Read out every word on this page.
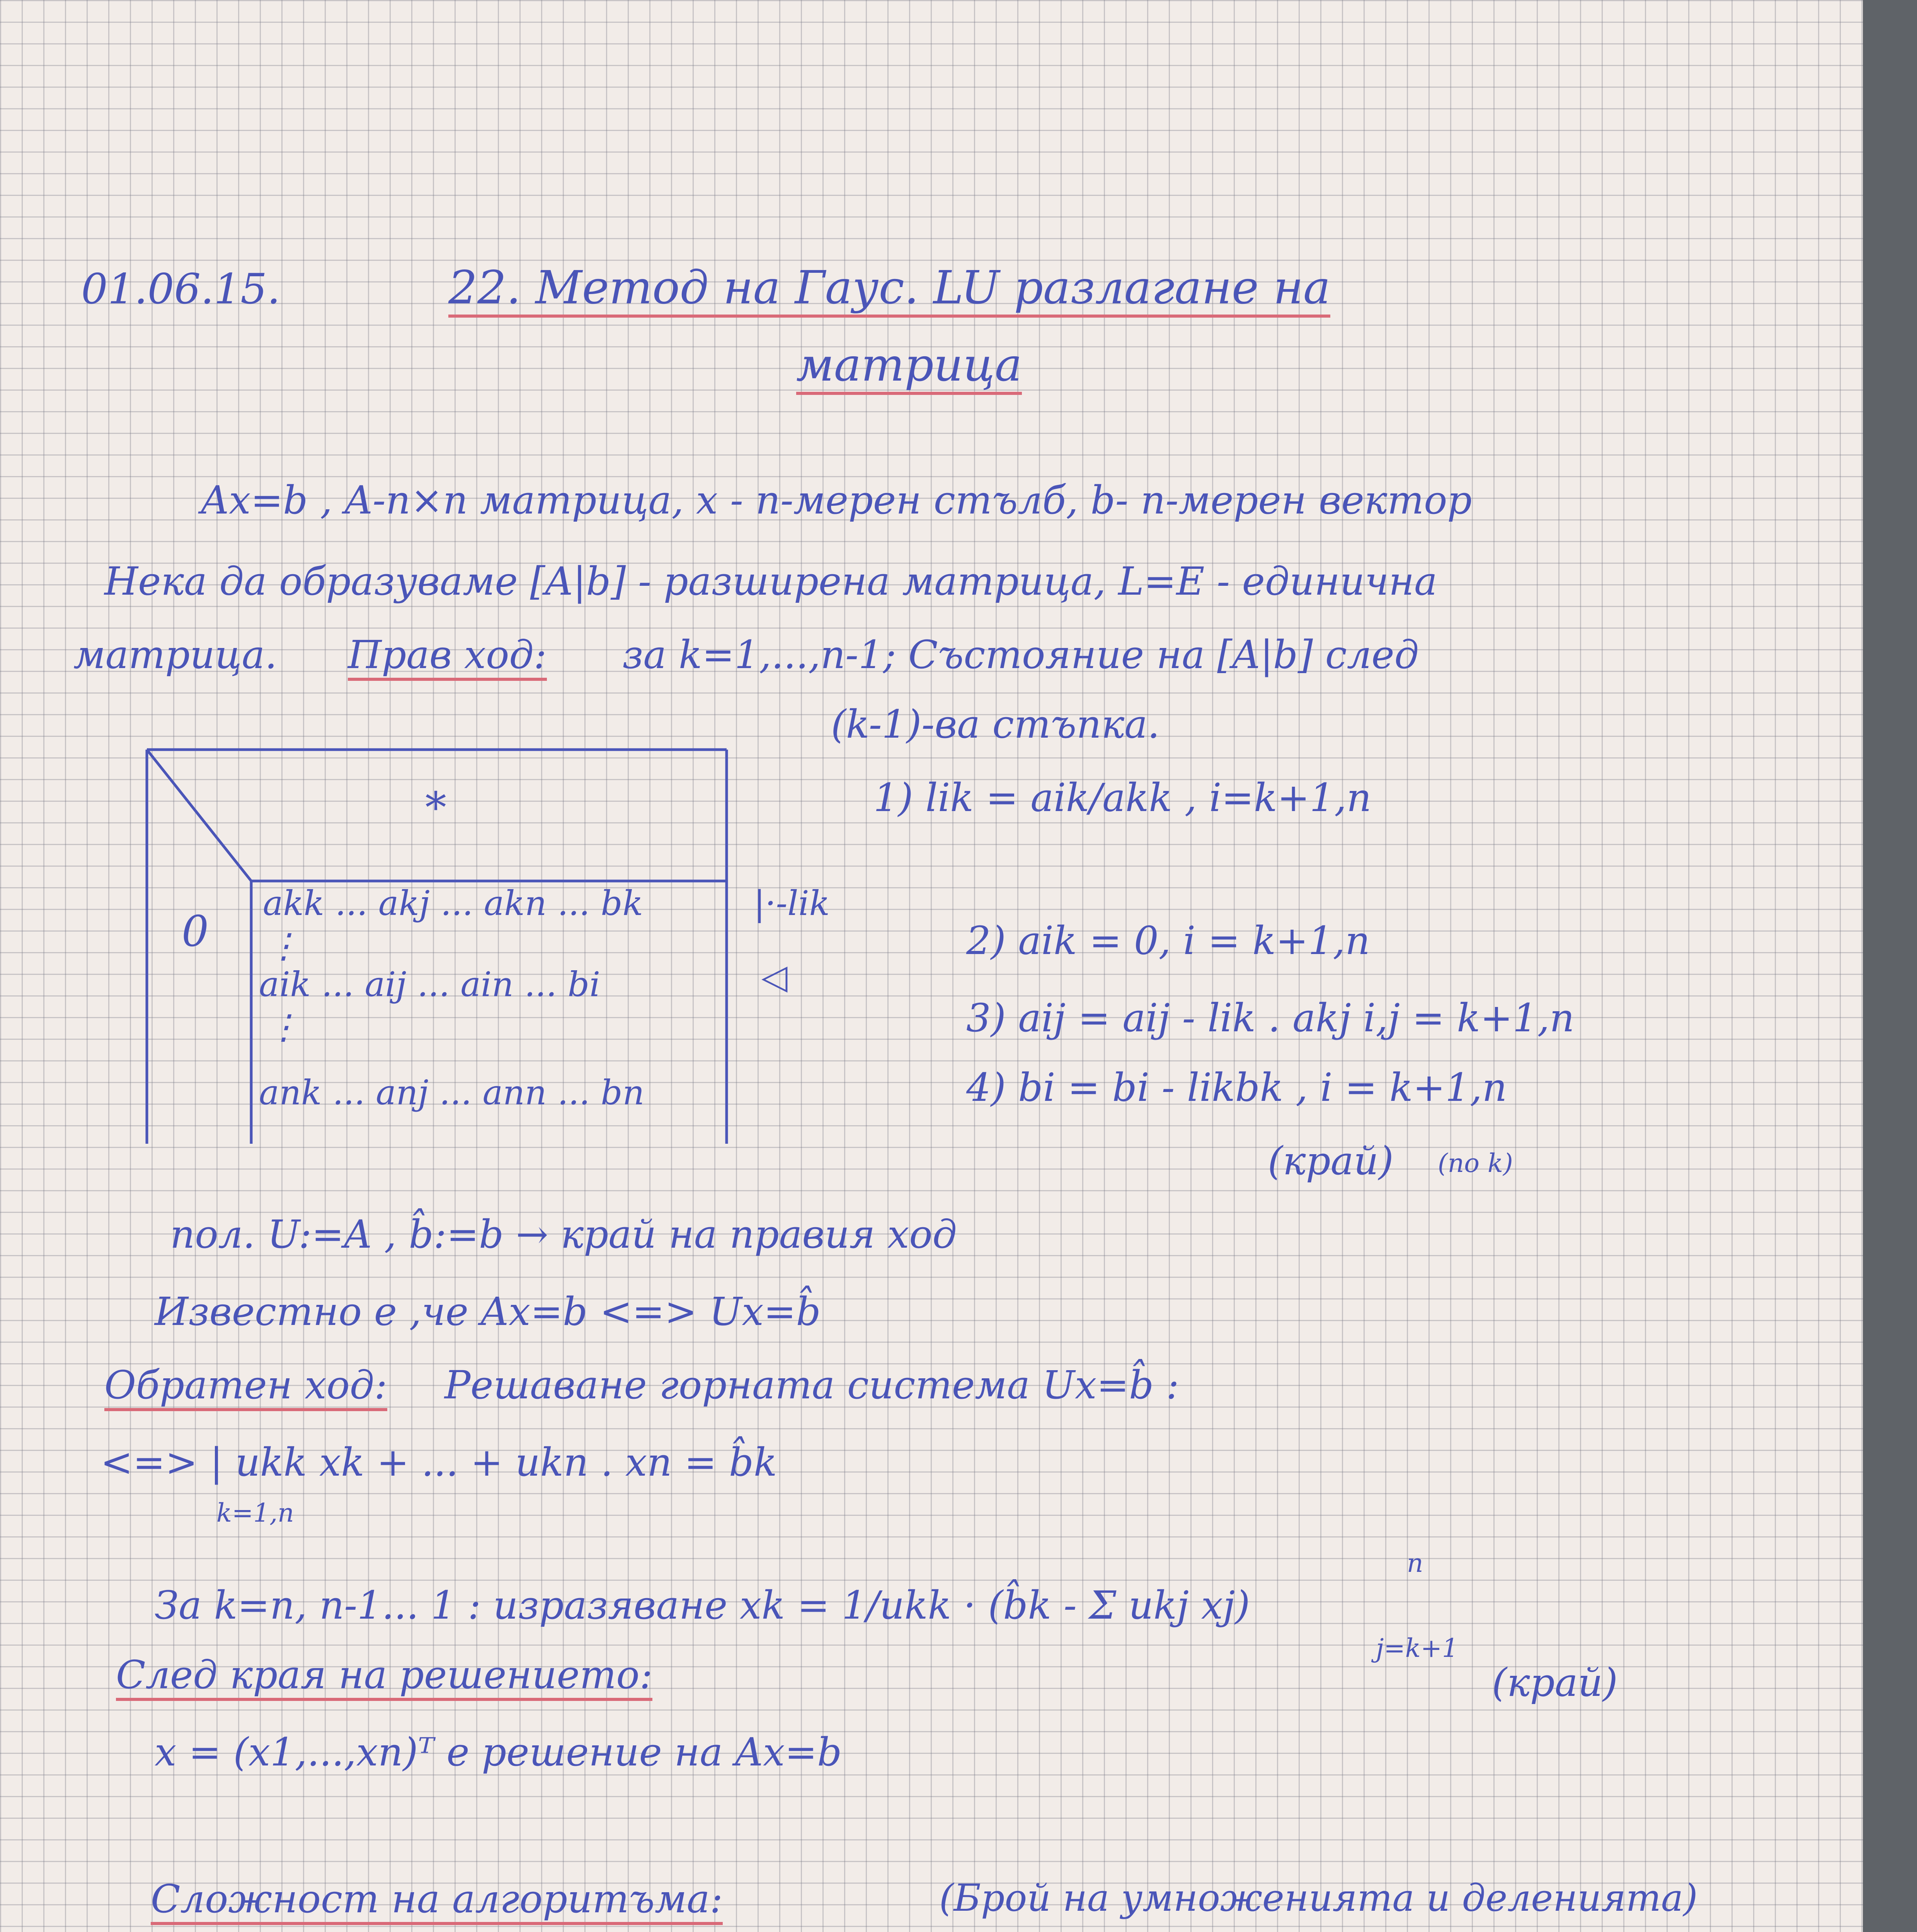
01.06.15.	22. Метод на Гаус. LU разлагане на
матрица
Ax=b , A-n×n матрица, x - n-мерен стълб, b- n-мерен вектор
Нека да образуваме [A|b] - разширена матрица, L=E - единична
матрица. Прав ход: за k=1,...,n-1; Състояние на [A|b] след
(k-1)-ва стъпка.
*
0
akk ... akj ... akn ... bk
⋮
aik ... aij ... ain ... bi
⋮
ank ... anj ... ann ... bn
|·-lik
◁
1) lik = aik/akk , i=k+1,n
2) aik = 0, i = k+1,n
3) aij = aij - lik . akj i,j = k+1,n
4) bi = bi - likbk , i = k+1,n
(край) (по k)
пол. U:=A , b̂:=b → край на правия ход
Известно е ,че Ax=b <=> Ux=b̂
Обратен ход: Решаване горната системa Ux=b̂ :
<=> | ukk xk + ... + ukn . xn = b̂k
k=1,n
За k=n, n-1... 1 : изразяване xk = 1/ukk · (b̂k - Σ ukj xj)
n
j=k+1
(край)
След края на решението:
x = (x1,...,xn)ᵀ е решение на Ax=b
Сложност на алгоритъма:	(Брой на умноженията и деленията)
